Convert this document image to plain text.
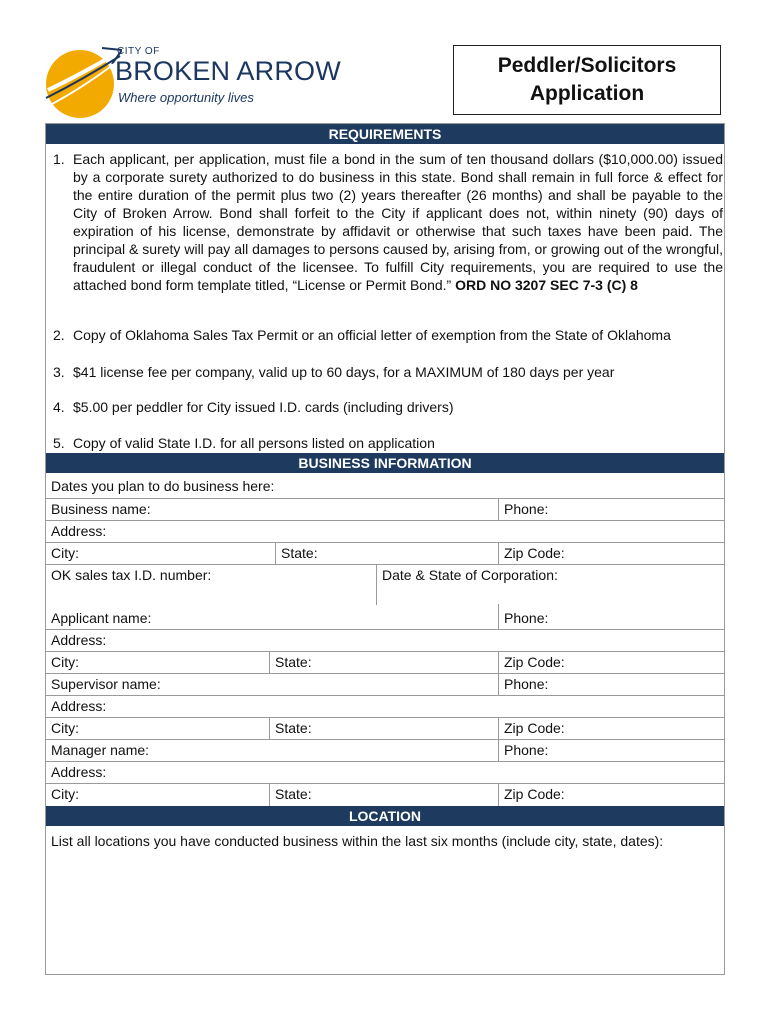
CITY OF
BROKEN ARROW
Where opportunity lives
Peddler/Solicitors
Application
REQUIREMENTS
1. Each applicant, per application, must file a bond in the sum of ten thousand dollars ($10,000.00) issued by a corporate surety authorized to do business in this state. Bond shall remain in full force & effect for the entire duration of the permit plus two (2) years thereafter (26 months) and shall be payable to the City of Broken Arrow. Bond shall forfeit to the City if applicant does not, within ninety (90) days of expiration of his license, demonstrate by affidavit or otherwise that such taxes have been paid. The principal & surety will pay all damages to persons caused by, arising from, or growing out of the wrongful, fraudulent or illegal conduct of the licensee. To fulfill City requirements, you are required to use the attached bond form template titled, “License or Permit Bond.” ORD NO 3207 SEC 7-3 (C) 8
2. Copy of Oklahoma Sales Tax Permit or an official letter of exemption from the State of Oklahoma
3. $41 license fee per company, valid up to 60 days, for a MAXIMUM of 180 days per year
4. $5.00 per peddler for City issued I.D. cards (including drivers)
5. Copy of valid State I.D. for all persons listed on application
BUSINESS INFORMATION
Dates you plan to do business here:
Business name:	Phone:
Address:
City:	State:	Zip Code:
OK sales tax I.D. number:	Date & State of Corporation:
Applicant name:	Phone:
Address:
City:	State:	Zip Code:
Supervisor name:	Phone:
Address:
City:	State:	Zip Code:
Manager name:	Phone:
Address:
City:	State:	Zip Code:
LOCATION
List all locations you have conducted business within the last six months (include city, state, dates):
